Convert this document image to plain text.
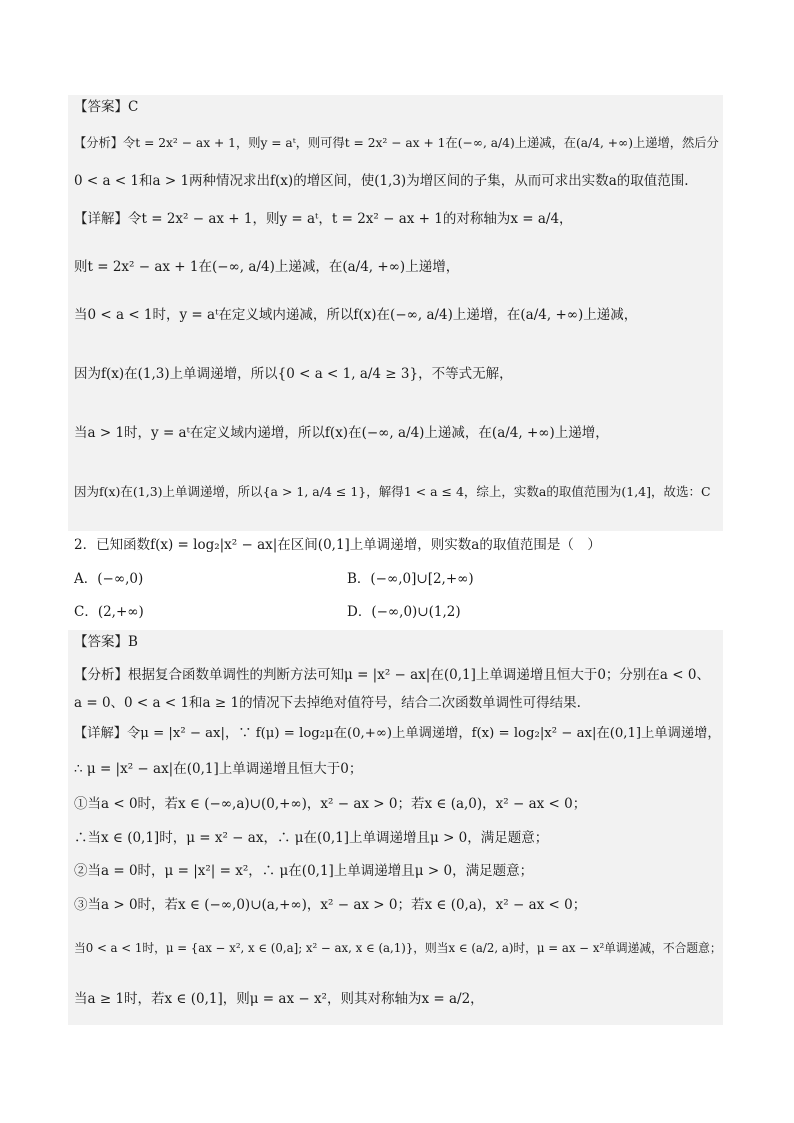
【答案】C
【分析】令t = 2x² − ax + 1，则y = aᵗ，则可得t = 2x² − ax + 1在(−∞, a/4)上递减，在(a/4, +∞)上递增，然后分
0 < a < 1和a > 1两种情况求出f(x)的增区间，使(1,3)为增区间的子集，从而可求出实数a的取值范围.
【详解】令t = 2x² − ax + 1，则y = aᵗ，t = 2x² − ax + 1的对称轴为x = a/4，
则t = 2x² − ax + 1在(−∞, a/4)上递减，在(a/4, +∞)上递增，
当0 < a < 1时，y = aᵗ在定义域内递减，所以f(x)在(−∞, a/4)上递增，在(a/4, +∞)上递减，
因为f(x)在(1,3)上单调递增，所以{0 < a < 1, a/4 ≥ 3}，不等式无解，
当a > 1时，y = aᵗ在定义域内递增，所以f(x)在(−∞, a/4)上递减，在(a/4, +∞)上递增，
因为f(x)在(1,3)上单调递增，所以{a > 1, a/4 ≤ 1}，解得1 < a ≤ 4，综上，实数a的取值范围为(1,4]，故选：C
2．已知函数f(x) = log₂|x² − ax|在区间(0,1]上单调递增，则实数a的取值范围是（　）
A．(−∞,0)	B．(−∞,0]∪[2,+∞)
C．(2,+∞)	D．(−∞,0)∪(1,2)
【答案】B
【分析】根据复合函数单调性的判断方法可知μ = |x² − ax|在(0,1]上单调递增且恒大于0；分别在a < 0、
a = 0、0 < a < 1和a ≥ 1的情况下去掉绝对值符号，结合二次函数单调性可得结果.
【详解】令μ = |x² − ax|，∵ f(μ) = log₂μ在(0,+∞)上单调递增，f(x) = log₂|x² − ax|在(0,1]上单调递增，
∴ μ = |x² − ax|在(0,1]上单调递增且恒大于0；
①当a < 0时，若x ∈ (−∞,a)∪(0,+∞)，x² − ax > 0；若x ∈ (a,0)，x² − ax < 0；
∴当x ∈ (0,1]时，μ = x² − ax，∴ μ在(0,1]上单调递增且μ > 0，满足题意；
②当a = 0时，μ = |x²| = x²，∴ μ在(0,1]上单调递增且μ > 0，满足题意；
③当a > 0时，若x ∈ (−∞,0)∪(a,+∞)，x² − ax > 0；若x ∈ (0,a)，x² − ax < 0；
当0 < a < 1时，μ = {ax − x², x ∈ (0,a]; x² − ax, x ∈ (a,1)}，则当x ∈ (a/2, a)时，μ = ax − x²单调递减，不合题意；
当a ≥ 1时，若x ∈ (0,1]，则μ = ax − x²，则其对称轴为x = a/2，
